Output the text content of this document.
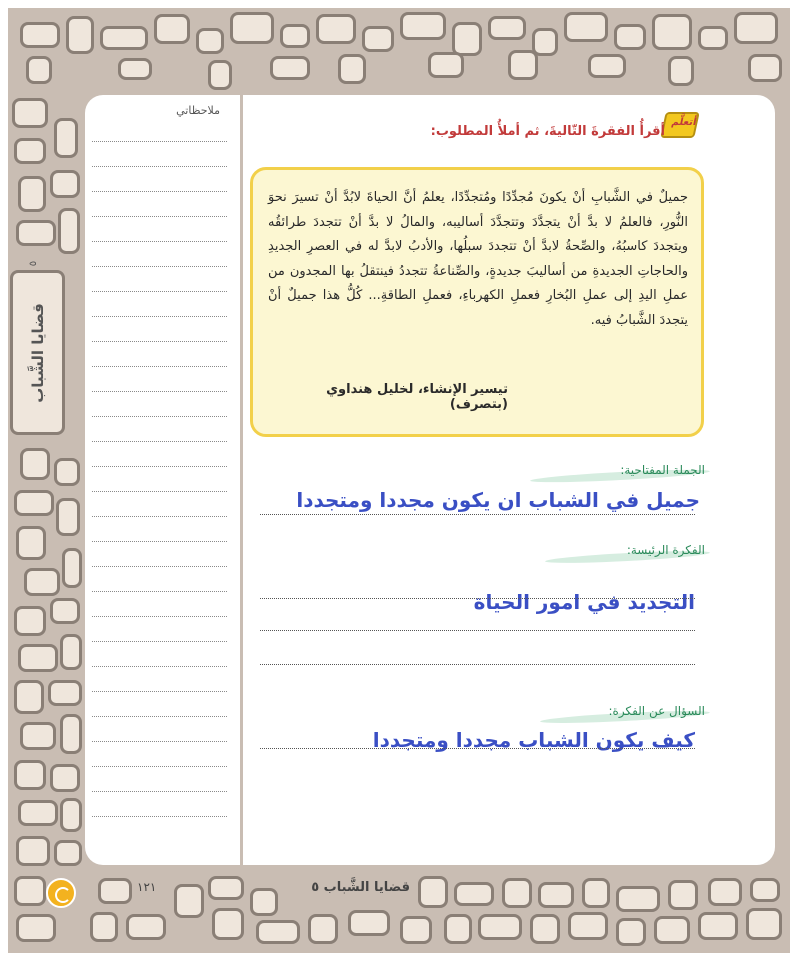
ملاحظاتي
قضايا الشَّباب
٥
أتعلَّم
أقرأُ الفقرةَ التّاليةَ، ثم أملأُ المطلوب:
جميلٌ في الشَّبابِ أنْ يكونَ مُجدِّدًا ومُتجدِّدًا، يعلمُ أنَّ الحياةَ لابُدَّ أنْ تسيرَ نحوَ النُّورِ، فالعلمُ لا بدَّ أنْ يتجدَّدَ وتتجدَّدَ أساليبه، والمالُ لا بدَّ أنْ تتجددَ طرائقُه ويتجددَ كاسبُهُ، والصِّحةُ لابدَّ أنْ تتجددَ سبلُها، والأدبُ لابدَّ له في العصرِ الجديدِ والحاجاتِ الجديدةِ من أساليبَ جديدةٍ، والصِّناعةُ تتجددُ فينتقلُ بها المجدون من عملِ اليدِ إلى عملِ البُخارِ فعملِ الكهرباءِ، فعملِ الطاقةِ... كُلُّ هذا جميلٌ أنْ يتجددَ الشَّبابُ فيه.
تيسير الإنشاء، لخليل هنداوي (بتصرف)
الجملة المفتاحية:
جميل في الشباب ان يكون مجددا ومتجددا
الفكرة الرئيسة:
التجديد في امور الحياة
السؤال عن الفكرة:
كيف يكون الشباب مجددا ومتجددا
قضايا الشَّباب ٥
١٢١
